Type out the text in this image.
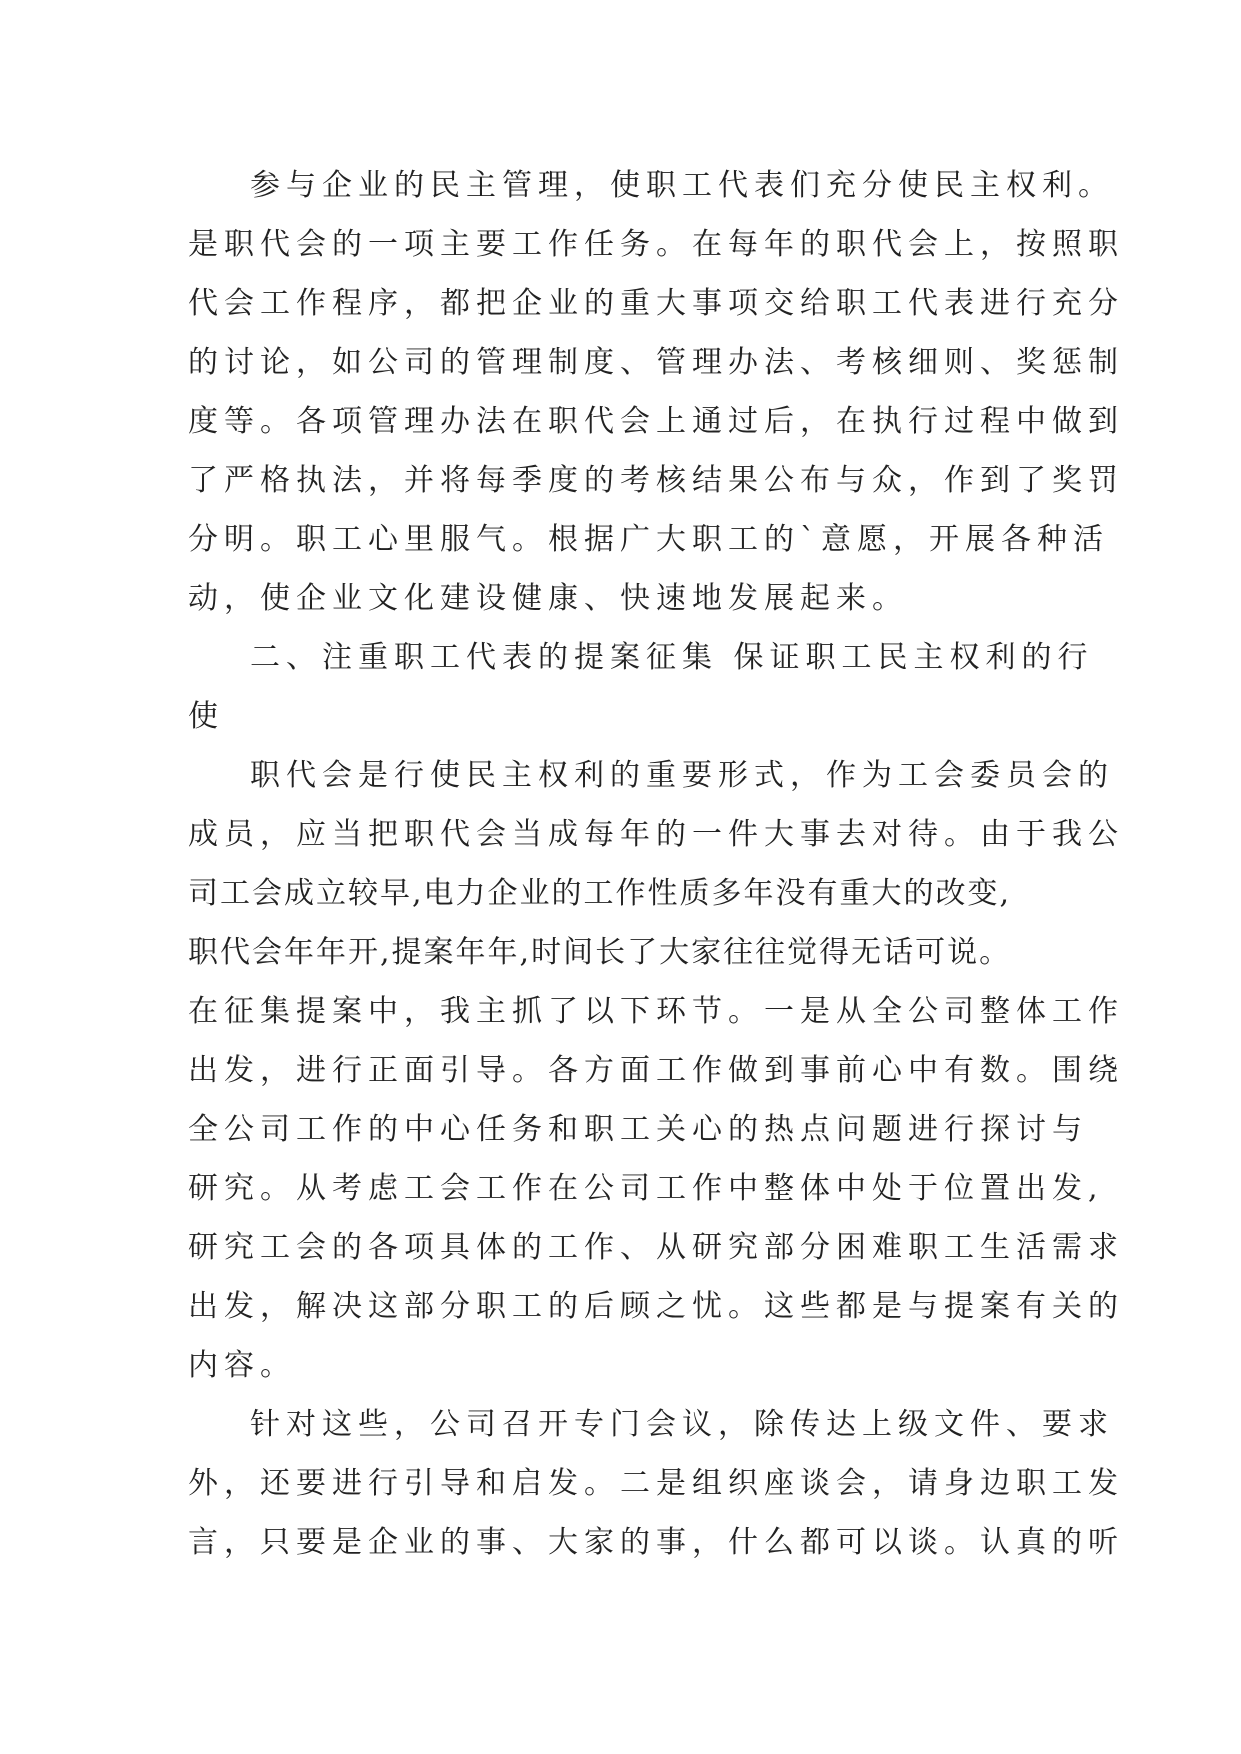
参与企业的民主管理，使职工代表们充分使民主权利。
是职代会的一项主要工作任务。在每年的职代会上，按照职
代会工作程序，都把企业的重大事项交给职工代表进行充分
的讨论，如公司的管理制度、管理办法、考核细则、奖惩制
度等。各项管理办法在职代会上通过后，在执行过程中做到
了严格执法，并将每季度的考核结果公布与众，作到了奖罚
分明。职工心里服气。根据广大职工的`意愿，开展各种活
动，使企业文化建设健康、快速地发展起来。
二、注重职工代表的提案征集 保证职工民主权利的行
使
职代会是行使民主权利的重要形式，作为工会委员会的
成员，应当把职代会当成每年的一件大事去对待。由于我公
司工会成立较早,电力企业的工作性质多年没有重大的改变,
职代会年年开,提案年年,时间长了大家往往觉得无话可说。
在征集提案中，我主抓了以下环节。一是从全公司整体工作
出发，进行正面引导。各方面工作做到事前心中有数。围绕
全公司工作的中心任务和职工关心的热点问题进行探讨与
研究。从考虑工会工作在公司工作中整体中处于位置出发,
研究工会的各项具体的工作、从研究部分困难职工生活需求
出发，解决这部分职工的后顾之忧。这些都是与提案有关的
内容。
针对这些，公司召开专门会议，除传达上级文件、要求
外，还要进行引导和启发。二是组织座谈会，请身边职工发
言，只要是企业的事、大家的事，什么都可以谈。认真的听
